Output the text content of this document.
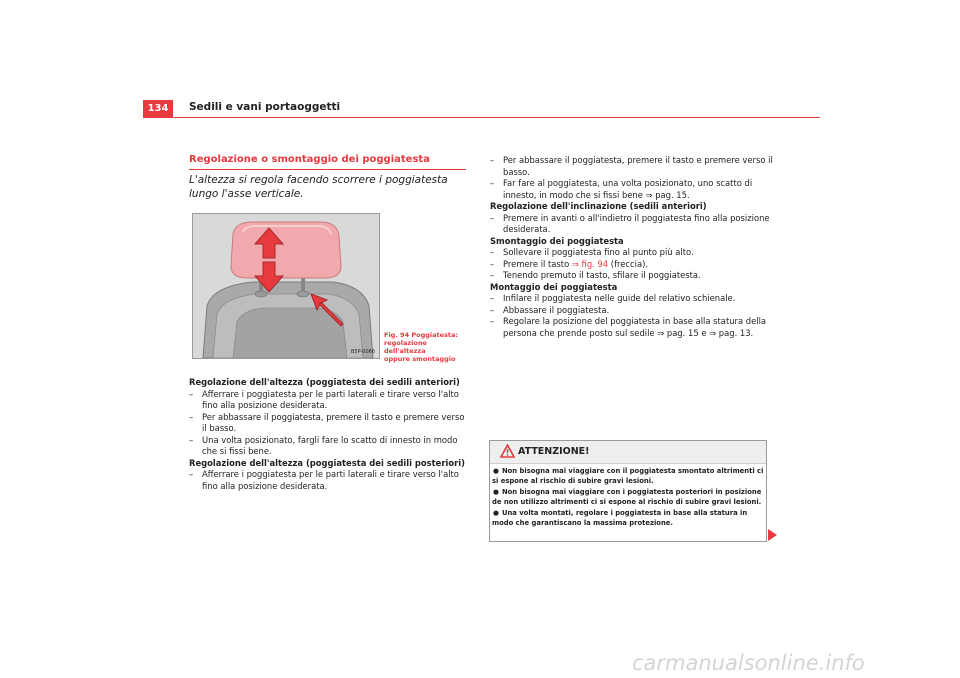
134	Sedili e vani portaoggetti
Regolazione o smontaggio dei poggiatesta
L'altezza si regola facendo scorrere i poggiatesta lungo l'asse verticale.
B5P-0066
Fig. 94 Poggiatesta:
regolazione dell'altezza
oppure smontaggio

Regolazione dell'altezza (poggiatesta dei sedili anteriori)

– Afferrare i poggiatesta per le parti laterali e tirare verso l'alto fino alla posizione desiderata.

– Per abbassare il poggiatesta, premere il tasto e premere verso il basso.

– Una volta posizionato, fargli fare lo scatto di innesto in modo che si fissi bene.

Regolazione dell'altezza (poggiatesta dei sedili posteriori)

– Afferrare i poggiatesta per le parti laterali e tirare verso l'alto fino alla posizione desiderata.

– Per abbassare il poggiatesta, premere il tasto e premere verso il basso.

– Far fare al poggiatesta, una volta posizionato, uno scatto di innesto, in modo che si fissi bene ⇒ pag. 15.

Regolazione dell'inclinazione (sedili anteriori)

– Premere in avanti o all'indietro il poggiatesta fino alla posizione desiderata.

Smontaggio dei poggiatesta

– Sollevare il poggiatesta fino al punto più alto.

– Premere il tasto ⇒ fig. 94 (freccia).

– Tenendo premuto il tasto, sfilare il poggiatesta.

Montaggio dei poggiatesta

– Infilare il poggiatesta nelle guide del relativo schienale.

– Abbassare il poggiatesta.

– Regolare la posizione del poggiatesta in base alla statura della persona che prende posto sul sedile ⇒ pag. 15 e ⇒ pag. 13.

ATTENZIONE!

● Non bisogna mai viaggiare con il poggiatesta smontato altrimenti ci si espone al rischio di subire gravi lesioni.

● Non bisogna mai viaggiare con i poggiatesta posteriori in posizione de non utilizzo altrimenti ci si espone al rischio di subire gravi lesioni.

● Una volta montati, regolare i poggiatesta in base alla statura in modo che garantiscano la massima protezione.

carmanualsonline.info
